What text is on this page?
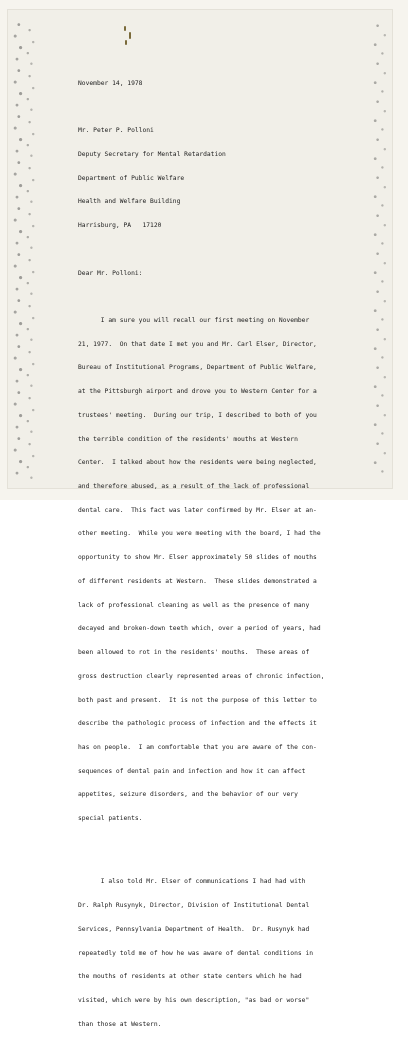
November 14, 1978

Mr. Peter P. Polloni

Deputy Secretary for Mental Retardation

Department of Public Welfare

Health and Welfare Building

Harrisburg, PA   17120

Dear Mr. Polloni:

I am sure you will recall our first meeting on November

21, 1977.  On that date I met you and Mr. Carl Elser, Director,

Bureau of Institutional Programs, Department of Public Welfare,

at the Pittsburgh airport and drove you to Western Center for a

trustees' meeting.  During our trip, I described to both of you

the terrible condition of the residents' mouths at Western

Center.  I talked about how the residents were being neglected,

and therefore abused, as a result of the lack of professional

dental care.  This fact was later confirmed by Mr. Elser at an-

other meeting.  While you were meeting with the board, I had the

opportunity to show Mr. Elser approximately 50 slides of mouths

of different residents at Western.  These slides demonstrated a

lack of professional cleaning as well as the presence of many

decayed and broken-down teeth which, over a period of years, had

been allowed to rot in the residents' mouths.  These areas of

gross destruction clearly represented areas of chronic infection,

both past and present.  It is not the purpose of this letter to

describe the pathologic process of infection and the effects it

has on people.  I am comfortable that you are aware of the con-

sequences of dental pain and infection and how it can affect

appetites, seizure disorders, and the behavior of our very

special patients.

I also told Mr. Elser of communications I had had with

Dr. Ralph Rusynyk, Director, Division of Institutional Dental

Services, Pennsylvania Department of Health.  Dr. Rusynyk had

repeatedly told me of how he was aware of dental conditions in

the mouths of residents at other state centers which he had

visited, which were by his own description, "as bad or worse"

than those at Western.
